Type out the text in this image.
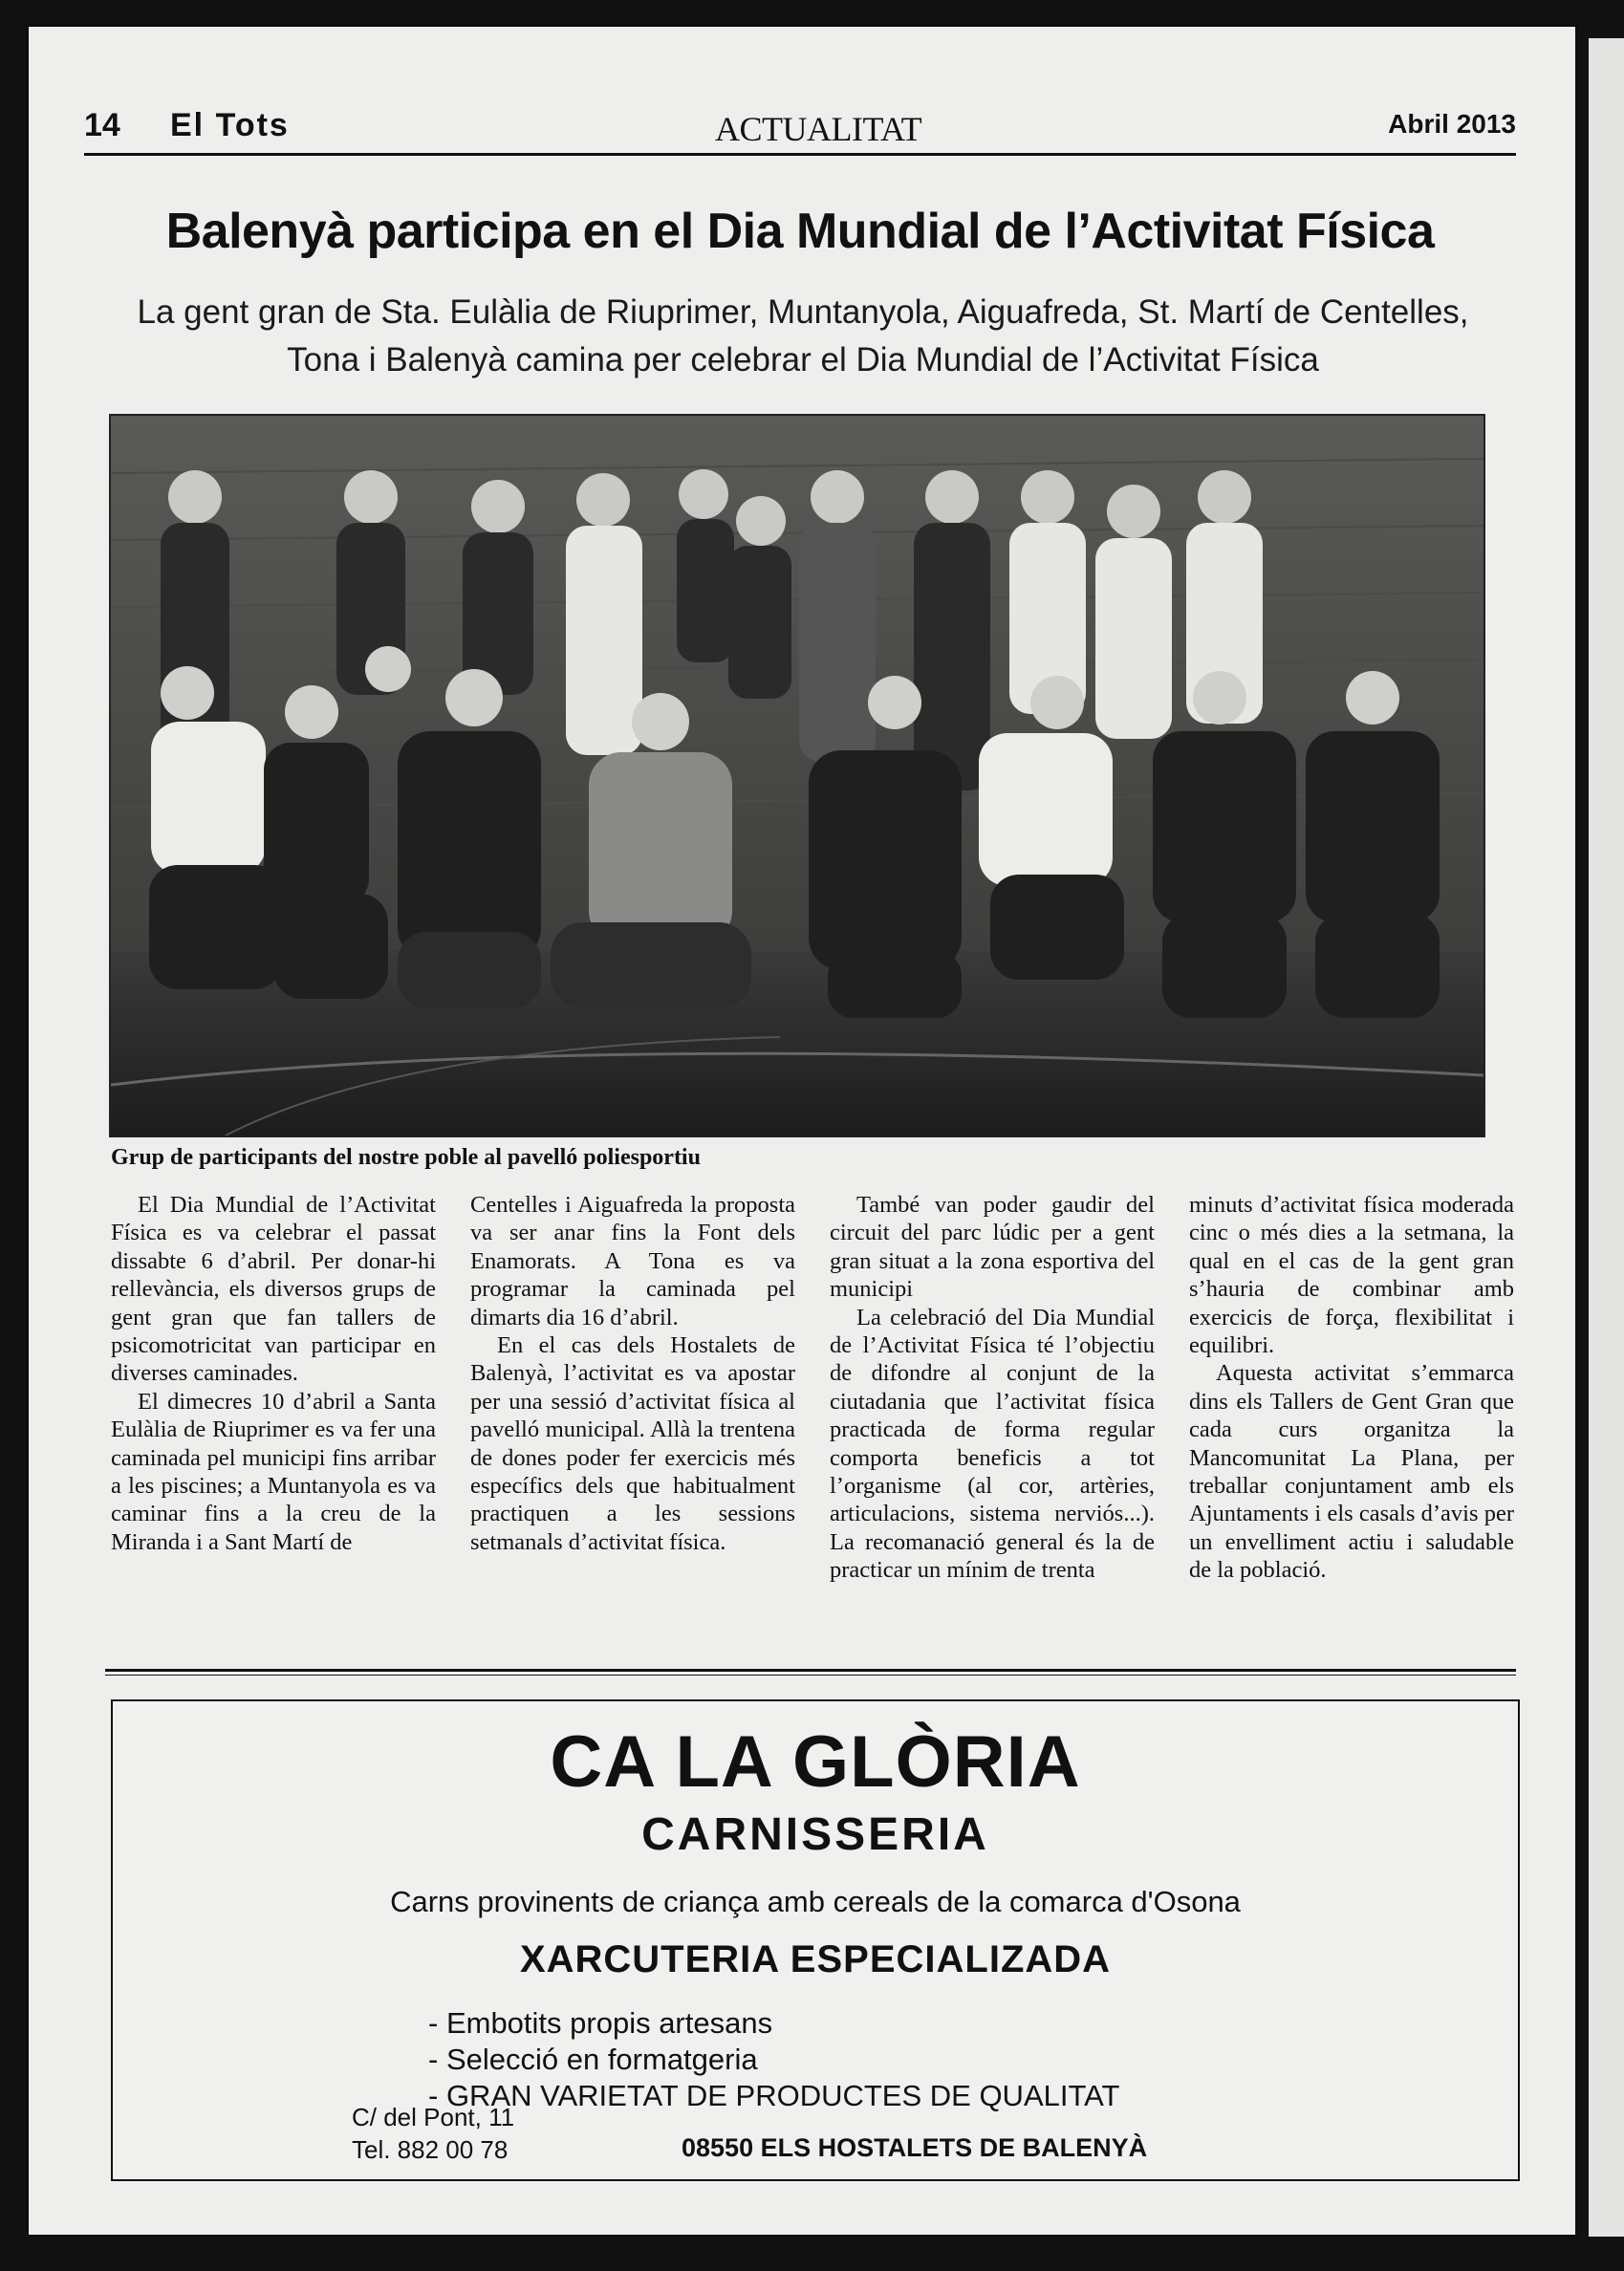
14 El Tots	ACTUALITAT	Abril 2013
Balenyà participa en el Dia Mundial de l’Activitat Física
La gent gran de Sta. Eulàlia de Riuprimer, Muntanyola, Aiguafreda, St. Martí de Centelles, Tona i Balenyà camina per celebrar el Dia Mundial de l’Activitat Física
Grup de participants del nostre poble al pavelló poliesportiu

El Dia Mundial de l’Activitat Física es va celebrar el passat dissabte 6 d’abril. Per donar-hi rellevància, els diversos grups de gent gran que fan tallers de psicomotricitat van participar en diverses caminades.

El dimecres 10 d’abril a Santa Eulàlia de Riuprimer es va fer una caminada pel municipi fins arribar a les piscines; a Muntanyola es va caminar fins a la creu de la Miranda i a Sant Martí de

Centelles i Aiguafreda la proposta va ser anar fins la Font dels Enamorats. A Tona es va programar la caminada pel dimarts dia 16 d’abril.

En el cas dels Hostalets de Balenyà, l’activitat es va apostar per una sessió d’activitat física al pavelló municipal. Allà la trentena de dones poder fer exercicis més específics dels que habitualment practiquen a les sessions setmanals d’activitat física.

També van poder gaudir del circuit del parc lúdic per a gent gran situat a la zona esportiva del municipi

La celebració del Dia Mundial de l’Activitat Física té l’objectiu de difondre al conjunt de la ciutadania que l’activitat física practicada de forma regular comporta beneficis a tot l’organisme (al cor, artèries, articulacions, sistema nerviós...). La recomanació general és la de practicar un mínim de trenta

minuts d’activitat física moderada cinc o més dies a la setmana, la qual en el cas de la gent gran s’hauria de combinar amb exercicis de força, flexibilitat i equilibri.

Aquesta activitat s’emmarca dins els Tallers de Gent Gran que cada curs organitza la Mancomunitat La Plana, per treballar conjuntament amb els Ajuntaments i els casals d’avis per un envelliment actiu i saludable de la població.

CA LA GLÒRIA
CARNISSERIA
Carns provinents de criança amb cereals de la comarca d'Osona
XARCUTERIA ESPECIALIZADA
- Embotits propis artesans
- Selecció en formatgeria
- GRAN VARIETAT DE PRODUCTES DE QUALITAT
C/ del Pont, 11
Tel. 882 00 78	08550 ELS HOSTALETS DE BALENYÀ
